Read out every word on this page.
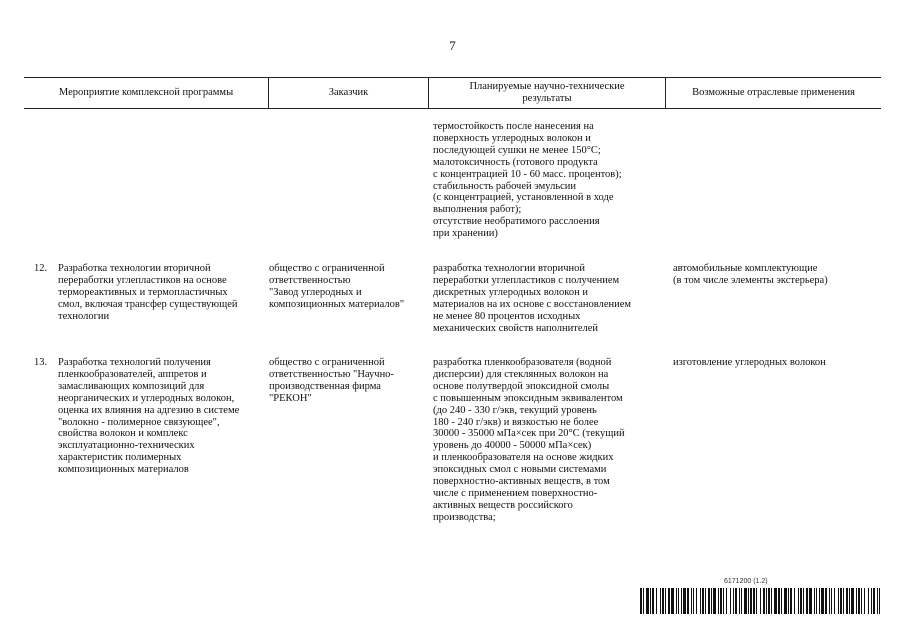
7
Мероприятие комплексной программы	Заказчик
Планируемые научно-технические
результаты
Возможные отраслевые применения
термостойкость после нанесения на
поверхность углеродных волокон и
последующей сушки не менее 150°C;
малотоксичность (готового продукта
с концентрацией 10 - 60 масс. процентов);
стабильность рабочей эмульсии
(с концентрацией, установленной в ходе
выполнения работ);
отсутствие необратимого расслоения
при хранении)
12. Разработка технологии вторичной
переработки углепластиков на основе
термореактивных и термопластичных
смол, включая трансфер существующей
технологии
общество с ограниченной
ответственностью
"Завод углеродных и
композиционных материалов"
разработка технологии вторичной
переработки углепластиков с получением
дискретных углеродных волокон и
материалов на их основе с восстановлением
не менее 80 процентов исходных
механических свойств наполнителей
автомобильные комплектующие
(в том числе элементы экстерьера)
13. Разработка технологий получения
пленкообразователей, аппретов и
замасливающих композиций для
неорганических и углеродных волокон,
оценка их влияния на адгезию в системе
"волокно - полимерное связующее",
свойства волокон и комплекс
эксплуатационно-технических
характеристик полимерных
композиционных материалов
общество с ограниченной
ответственностью "Научно-
производственная фирма
"РЕКОН"
разработка пленкообразователя (водной
дисперсии) для стеклянных волокон на
основе полутвердой эпоксидной смолы
с повышенным эпоксидным эквивалентом
(до 240 - 330 г/экв, текущий уровень
180 - 240 г/экв) и вязкостью не более
30000 - 35000 мПа×сек при 20°C (текущий
уровень до 40000 - 50000 мПа×сек)
и пленкообразователя на основе жидких
эпоксидных смол с новыми системами
поверхностно-активных веществ, в том
числе с применением поверхностно-
активных веществ российского
производства;
изготовление углеродных волокон
6171200 (1.2)
